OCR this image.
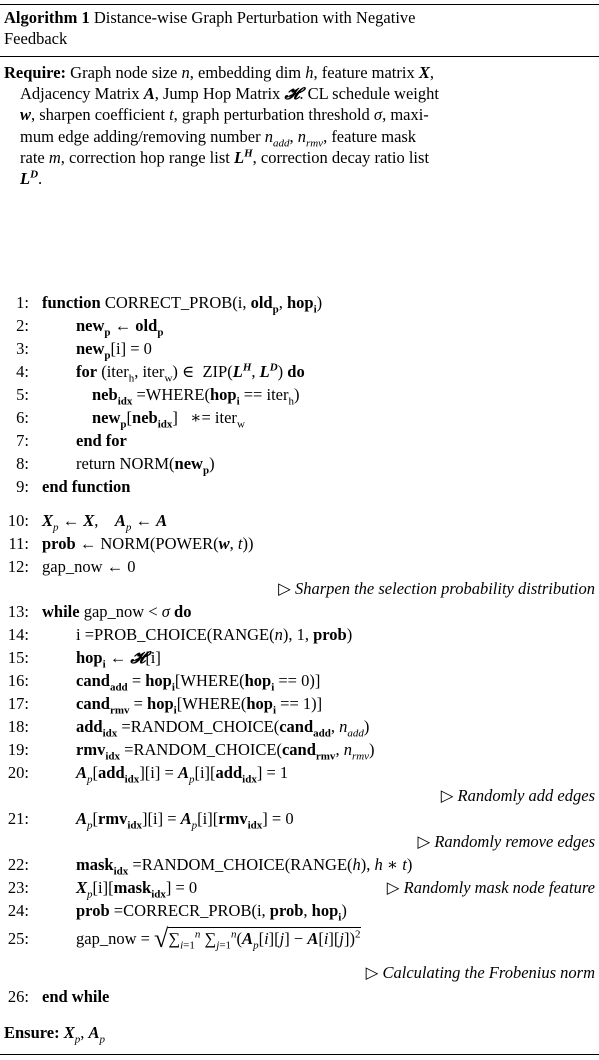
Algorithm 1 Distance-wise Graph Perturbation with Negative
Feedback
Require: Graph node size n, embedding dim h, feature matrix X,
Adjacency Matrix A, Jump Hop Matrix 𝓗. CL schedule weight
w, sharpen coefficient t, graph perturbation threshold σ, maxi-
mum edge adding/removing number $n_{add}$, $n_{rmv}$, feature mask
rate m, correction hop range list $L^H$, correction decay ratio list
$L^D$.
1: function CORRECT_PROB(i, old$_p$, hop$_i$)
2:	new$_p$ ← old$_p$
3:	new$_p$[i] = 0
4:	for (iter$_h$, iter$_w$) ∈  $ZIP(L^H$, $L^D$) do
5:	neb$_{idx}$ =WHERE(hop$_i$ == iter$_h$)
6:	new$_p$[neb$_{idx}$]   ∗= iter$_w$
7:	end for
8:	return NORM(new$_p$)
9: end function
10: $X_p$ ← X,    $A_p$ ← A
11: prob ← NORM(POWER(w, t))
12: gap_now ← 0
▷ Sharpen the selection probability distribution
13: while gap_now < σ do
14:	i =PROB_CHOICE(RANGE(n), 1, prob)
15:	hop$_i$ ← 𝓗[i]
16:	cand$_{add}$ = hop$_i$[WHERE(hop$_i$ == 0)]
17:	cand$_{rmv}$ = hop$_i$[WHERE(hop$_i$ == 1)]
18:	add$_{idx}$ =RANDOM_CHOICE(cand$_{add}$, $n_{add}$)
19:	rmv$_{idx}$ =RANDOM_CHOICE(cand$_{rmv}$, $n_{rmv}$)
20:	$A_p[add_{idx}][i] = A_p[i][add_{idx}] = 1$
▷ Randomly add edges
21:	$A_p[rmv_{idx}][i] = A_p[i][rmv_{idx}] = 0$
▷ Randomly remove edges
22:	mask$_{idx}$ =RANDOM_CHOICE(RANGE(h), h ∗ t)
23:	$X_p[i][mask_{idx}] = 0$	▷ Randomly mask node feature
24:	prob =CORRECR_PROB(i, prob, hop$_i$)
25:	gap_now = $√\sum_{i=1}^n$ $\sum_{j=1}^n(A_p[i][j] - A[i][j])^2$
▷ Calculating the Frobenius norm
26: end while
Ensure: $X_p$, $A_p$
